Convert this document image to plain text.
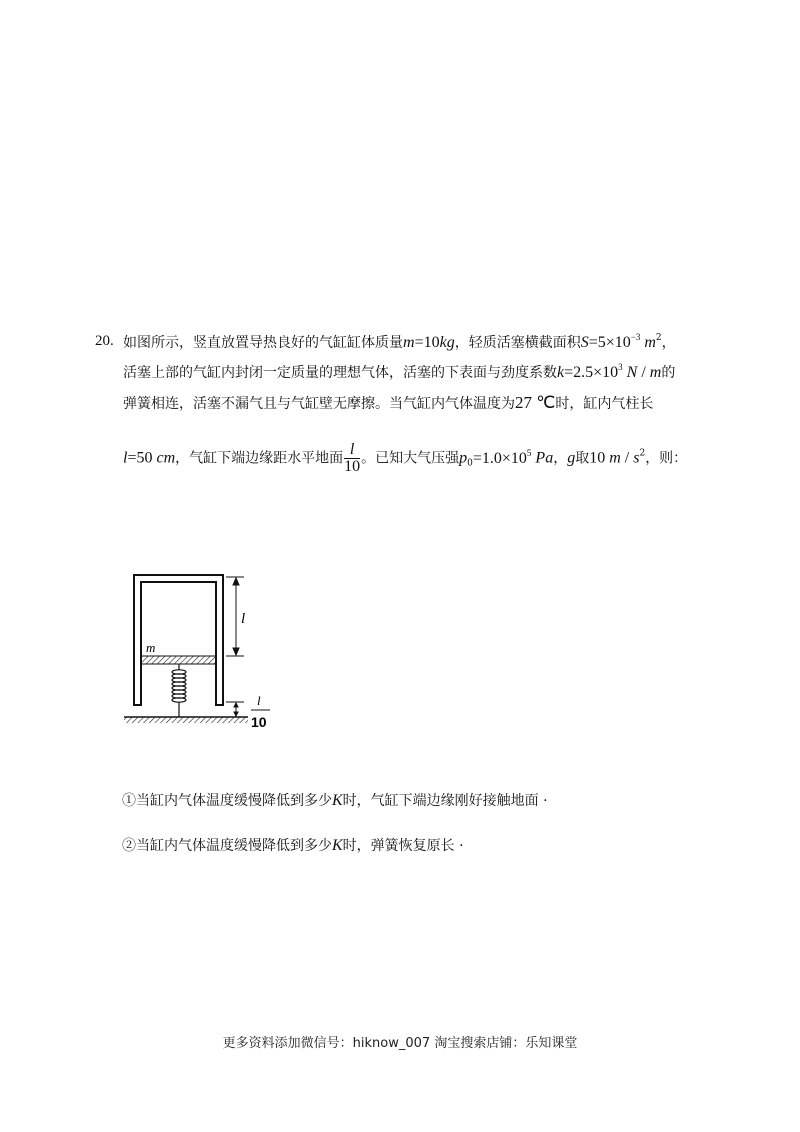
20. 如图所示，竖直放置导热良好的气缸缸体质量m=10kg，轻质活塞横截面积$S=5\times 10^{-3}$ $m^2$，
活塞上部的气缸内封闭一定质量的理想气体，活塞的下表面与劲度系数$k=2.5\times 10^3$ N / m的
弹簧相连，活塞不漏气且与气缸壁无摩擦。当气缸内气体温度为27 ℃时，缸内气柱长
l=50 cm，气缸下端边缘距水平地面 $\frac{l}{10}$ 。已知大气压强$p_0=1.0\times 10^5$ Pa，g取10 m / $s^2$，则：
l
m
l
10
①当缸内气体温度缓慢降低到多少K时，气缸下端边缘刚好接触地面 ·
②当缸内气体温度缓慢降低到多少K时，弹簧恢复原长 ·
更多资料添加微信号：hiknow_007 淘宝搜索店铺：乐知课堂
